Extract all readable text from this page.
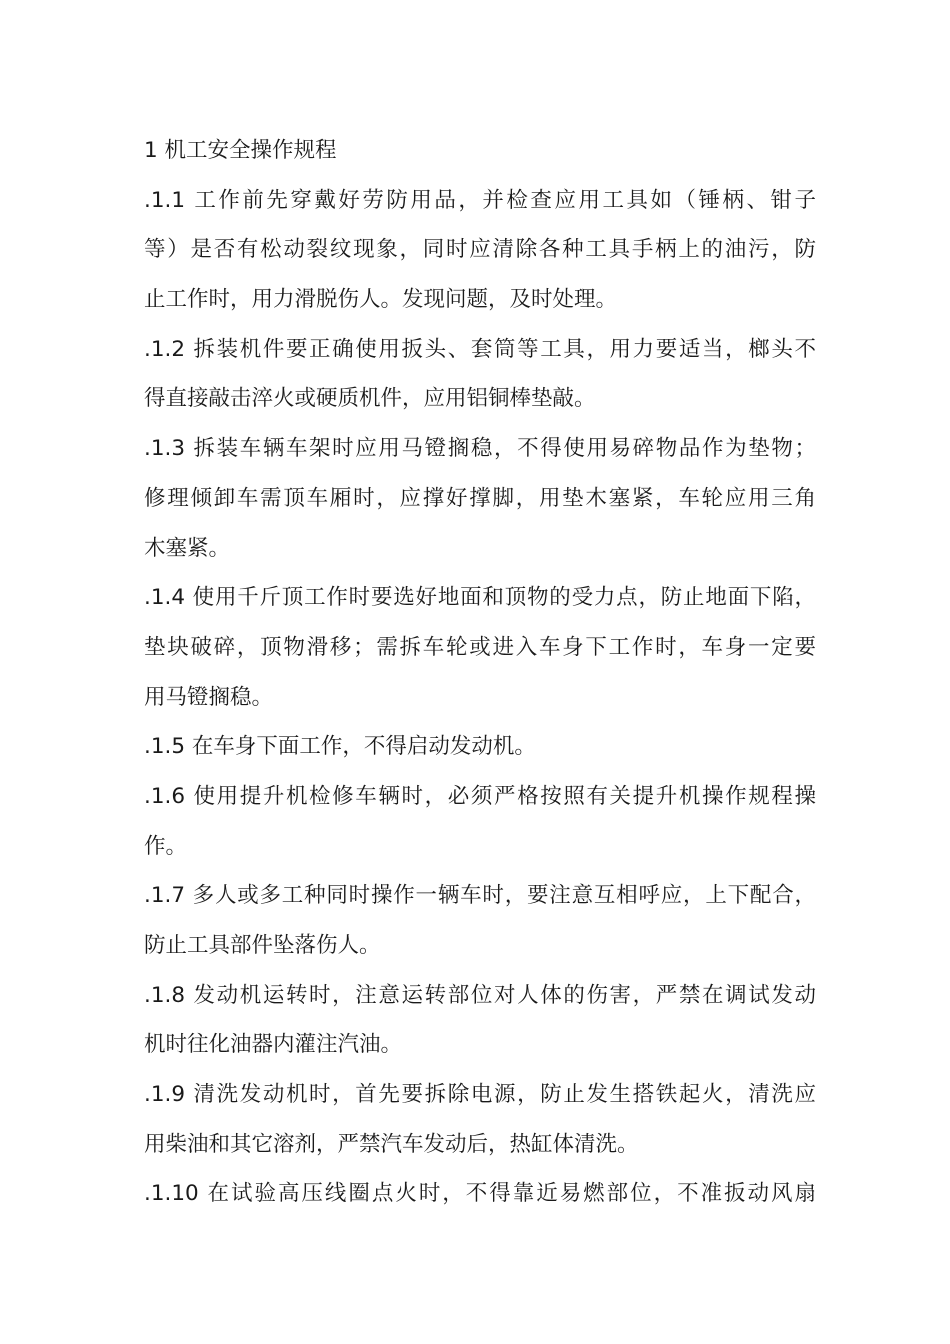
1 机工安全操作规程

.1.1 工作前先穿戴好劳防用品，并检查应用工具如（锤柄、钳子

等）是否有松动裂纹现象，同时应清除各种工具手柄上的油污，防

止工作时，用力滑脱伤人。发现问题，及时处理。

.1.2 拆装机件要正确使用扳头、套筒等工具，用力要适当，榔头不

得直接敲击淬火或硬质机件，应用铝铜棒垫敲。

.1.3 拆装车辆车架时应用马镫搁稳，不得使用易碎物品作为垫物；

修理倾卸车需顶车厢时，应撑好撑脚，用垫木塞紧，车轮应用三角

木塞紧。

.1.4 使用千斤顶工作时要选好地面和顶物的受力点，防止地面下陷，

垫块破碎，顶物滑移；需拆车轮或进入车身下工作时，车身一定要

用马镫搁稳。

.1.5 在车身下面工作，不得启动发动机。

.1.6 使用提升机检修车辆时，必须严格按照有关提升机操作规程操

作。

.1.7 多人或多工种同时操作一辆车时，要注意互相呼应，上下配合，

防止工具部件坠落伤人。

.1.8 发动机运转时，注意运转部位对人体的伤害，严禁在调试发动

机时往化油器内灌注汽油。

.1.9 清洗发动机时，首先要拆除电源，防止发生搭铁起火，清洗应

用柴油和其它溶剂，严禁汽车发动后，热缸体清洗。

.1.10 在试验高压线圈点火时，不得靠近易燃部位，不准扳动风扇
